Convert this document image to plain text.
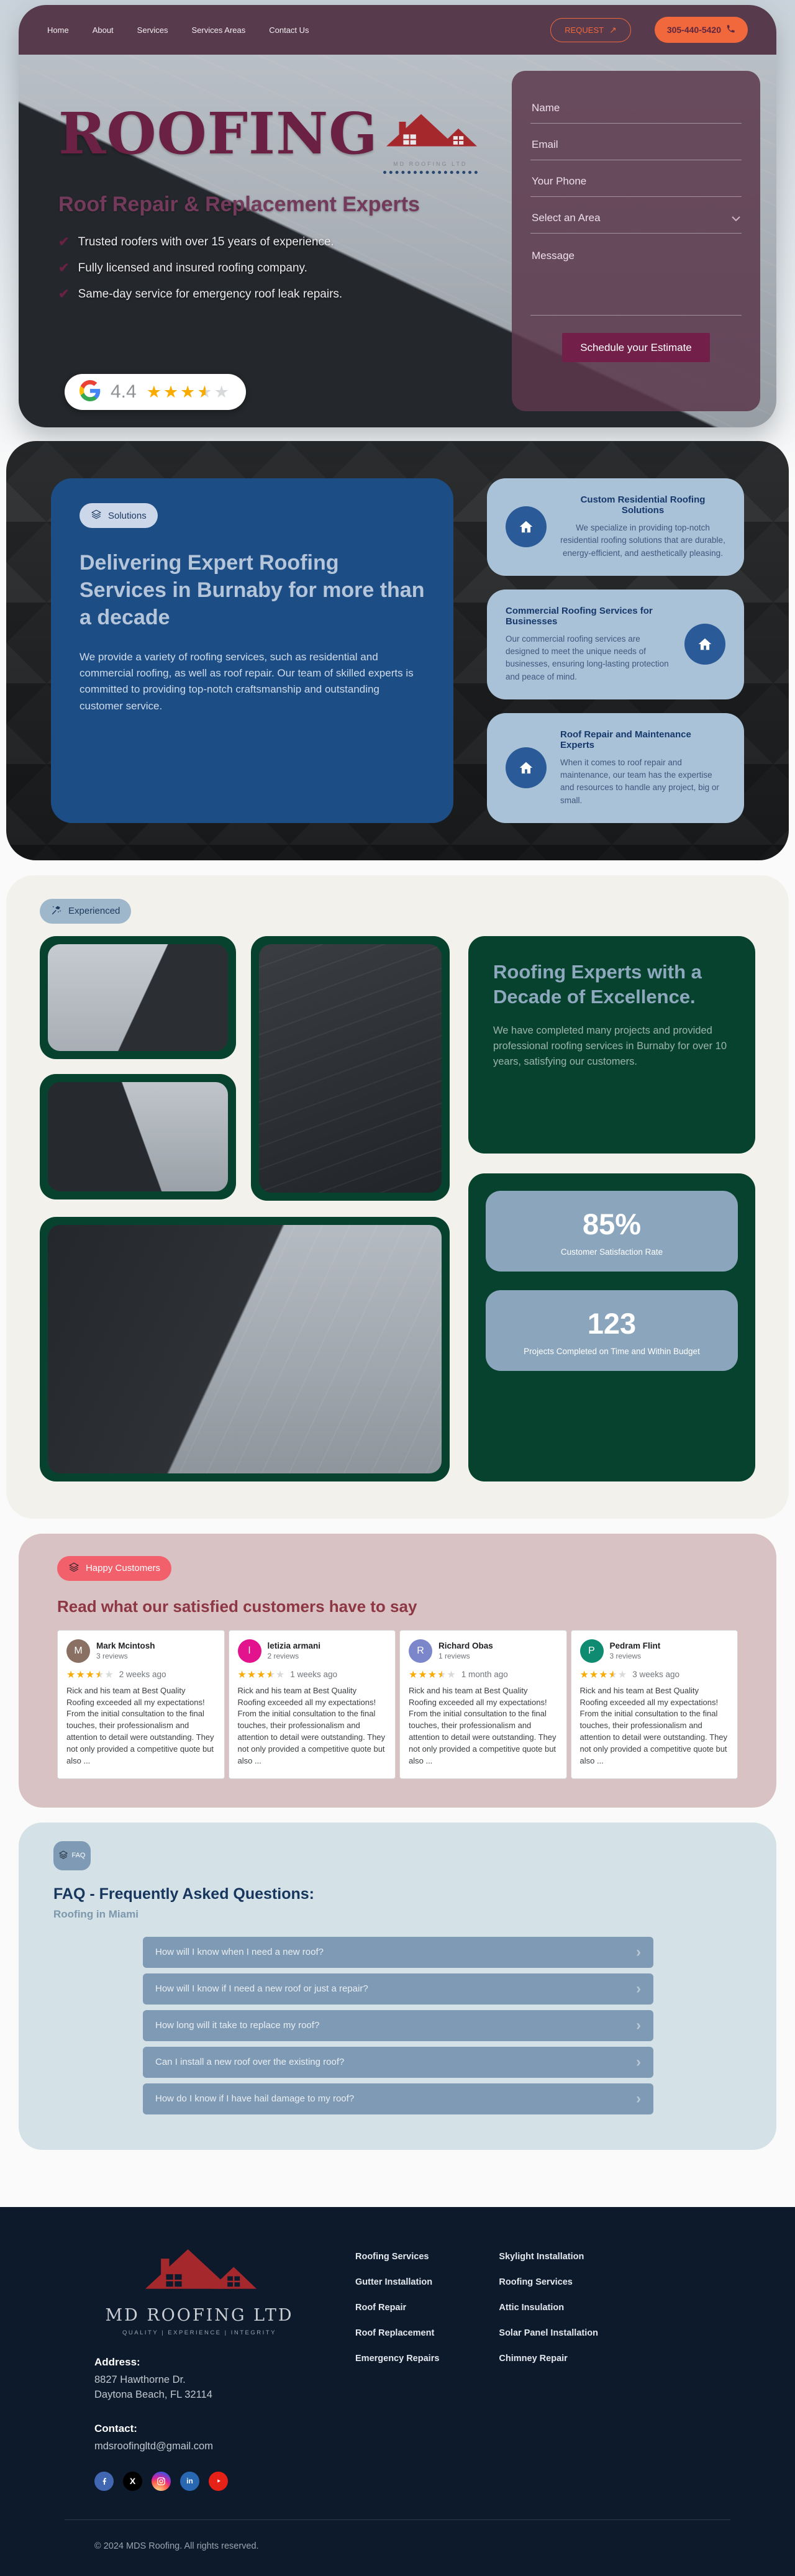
Home	About	Services	Services Areas	Contact Us	REQUEST ↗	305-440-5420
ROOFING	MD ROOFING LTD
Roof Repair & Replacement Experts
✔ Trusted roofers with over 15 years of experience.
✔ Fully licensed and insured roofing company.
✔ Same-day service for emergency roof leak repairs.
4.4 ★★★★★
Name
Email
Your Phone
Select an Area
Message
Schedule your Estimate
Solutions
Delivering Expert Roofing Services in Burnaby for more than a decade

We provide a variety of roofing services, such as residential and commercial roofing, as well as roof repair. Our team of skilled experts is committed to providing top-notch craftsmanship and outstanding customer service.

Custom Residential Roofing Solutions
We specialize in providing top-notch residential roofing solutions that are durable, energy-efficient, and aesthetically pleasing.
Commercial Roofing Services for Businesses
Our commercial roofing services are designed to meet the unique needs of businesses, ensuring long-lasting protection and peace of mind.
Roof Repair and Maintenance Experts
When it comes to roof repair and maintenance, our team has the expertise and resources to handle any project, big or small.
Experienced
Roofing Experts with a Decade of Excellence.

We have completed many projects and provided professional roofing services in Burnaby for over 10 years, satisfying our customers.

85%
Customer Satisfaction Rate
123
Projects Completed on Time and Within Budget
Happy Customers
Read what our satisfied customers have to say
M	Mark Mcintosh
3 reviews
★★★★★ 2 weeks ago
Rick and his team at Best Quality Roofing exceeded all my expectations! From the initial consultation to the final touches, their professionalism and attention to detail were outstanding. They not only provided a competitive quote but also ...
l	letizia armani
2 reviews
★★★★★ 1 weeks ago
Rick and his team at Best Quality Roofing exceeded all my expectations! From the initial consultation to the final touches, their professionalism and attention to detail were outstanding. They not only provided a competitive quote but also ...
R	Richard Obas
1 reviews
★★★★★ 1 month ago
Rick and his team at Best Quality Roofing exceeded all my expectations! From the initial consultation to the final touches, their professionalism and attention to detail were outstanding. They not only provided a competitive quote but also ...
P	Pedram Flint
3 reviews
★★★★★ 3 weeks ago
Rick and his team at Best Quality Roofing exceeded all my expectations! From the initial consultation to the final touches, their professionalism and attention to detail were outstanding. They not only provided a competitive quote but also ...
FAQ
FAQ - Frequently Asked Questions:
Roofing in Miami
How will I know when I need a new roof?	›
How will I know if I need a new roof or just a repair?	›
How long will it take to replace my roof?	›
Can I install a new roof over the existing roof?	›
How do I know if I have hail damage to my roof?	›
MD ROOFING LTD
QUALITY | EXPERIENCE | INTEGRITY
Address:
8827 Hawthorne Dr.
Daytona Beach, FL 32114
Contact:
mdsroofingltd@gmail.com
X	in
Roofing Services
Gutter Installation
Roof Repair
Roof Replacement
Emergency Repairs
Skylight Installation
Roofing Services
Attic Insulation
Solar Panel Installation
Chimney Repair
© 2024 MDS Roofing. All rights reserved.
